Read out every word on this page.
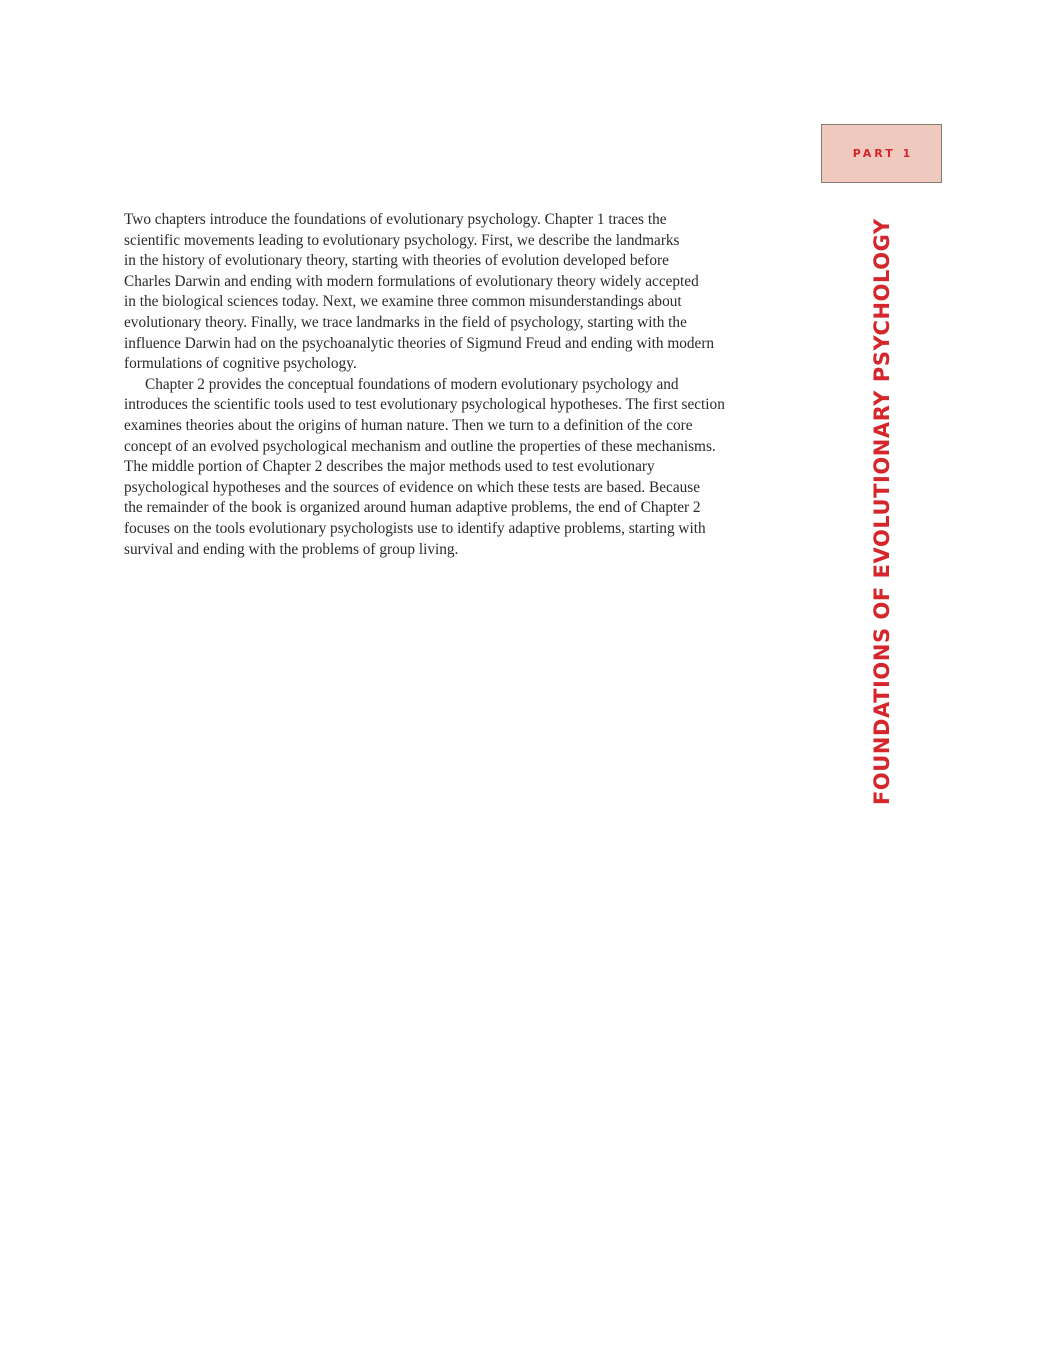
PART 1
FOUNDATIONS OF EVOLUTIONARY PSYCHOLOGY

Two chapters introduce the foundations of evolutionary psychology. Chapter 1 traces the
scientific movements leading to evolutionary psychology. First, we describe the landmarks
in the history of evolutionary theory, starting with theories of evolution developed before
Charles Darwin and ending with modern formulations of evolutionary theory widely accepted
in the biological sciences today. Next, we examine three common misunderstandings about
evolutionary theory. Finally, we trace landmarks in the field of psychology, starting with the
influence Darwin had on the psychoanalytic theories of Sigmund Freud and ending with modern
formulations of cognitive psychology.

Chapter 2 provides the conceptual foundations of modern evolutionary psychology and
introduces the scientific tools used to test evolutionary psychological hypotheses. The first section
examines theories about the origins of human nature. Then we turn to a definition of the core
concept of an evolved psychological mechanism and outline the properties of these mechanisms.
The middle portion of Chapter 2 describes the major methods used to test evolutionary
psychological hypotheses and the sources of evidence on which these tests are based. Because
the remainder of the book is organized around human adaptive problems, the end of Chapter 2
focuses on the tools evolutionary psychologists use to identify adaptive problems, starting with
survival and ending with the problems of group living.
